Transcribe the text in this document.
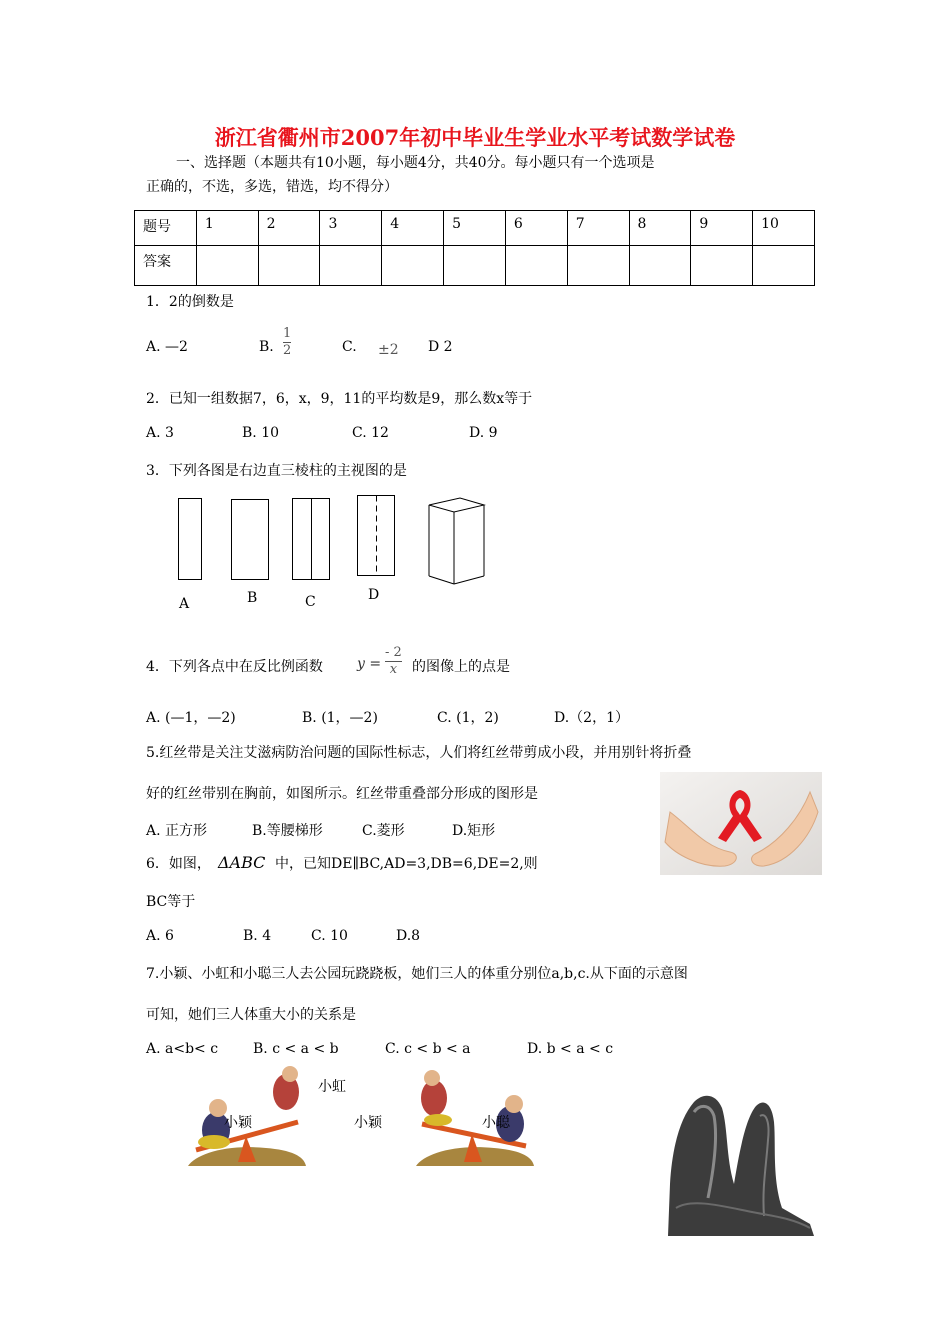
浙江省衢州市2007年初中毕业生学业水平考试数学试卷
一、选择题（本题共有10小题，每小题4分，共40分。每小题只有一个选项是
正确的，不选，多选，错选，均不得分）
题号	1	2	3	4	5	6	7	8	9	10
答案										
1．2的倒数是
A. —2	B. $\frac{1}{2}$	C. ±2 D 2
2．已知一组数据7，6，x，9，11的平均数是9，那么数x等于
A. 3	B. 10	C. 12	D. 9
3．下列各图是右边直三棱柱的主视图的是
A	B	C	D
4．下列各点中在反比例函数 $y = \frac{- 2}{x}$ 的图像上的点是
A. (—1，—2)	B. (1，—2)	C. (1，2)	D.（2，1）
5.红丝带是关注艾滋病防治问题的国际性标志，人们将红丝带剪成小段，并用别针将折叠
好的红丝带别在胸前，如图所示。红丝带重叠部分形成的图形是
A. 正方形	B.等腰梯形	C.菱形	D.矩形
6．如图， ΔABC 中，已知DE∥BC,AD=3,DB=6,DE=2,则
BC等于
A. 6	B. 4	C. 10	D.8
7.小颖、小虹和小聪三人去公园玩跷跷板，她们三人的体重分别位a,b,c.从下面的示意图
可知，她们三人体重大小的关系是
A. a<b< c B. c < a < b	C. c < b < a	D. b < a < c
小虹
小颖	小颖	小聪
